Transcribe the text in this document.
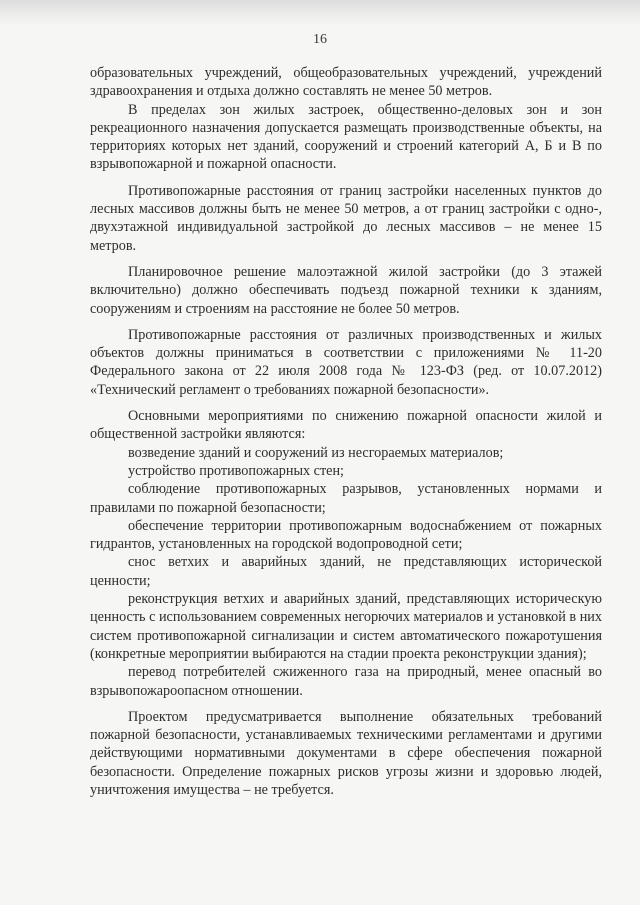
16

образовательных учреждений, общеобразовательных учреждений, учреждений здравоохранения и отдыха должно составлять не менее 50 метров.

В пределах зон жилых застроек, общественно-деловых зон и зон рекреационного назначения допускается размещать производственные объекты, на территориях которых нет зданий, сооружений и строений категорий А, Б и В по взрывопожарной и пожарной опасности.

Противопожарные расстояния от границ застройки населенных пунктов до лесных массивов должны быть не менее 50 метров, а от границ застройки с одно-, двухэтажной индивидуальной застройкой до лесных массивов – не менее 15 метров.

Планировочное решение малоэтажной жилой застройки (до 3 этажей включительно) должно обеспечивать подъезд пожарной техники к зданиям, сооружениям и строениям на расстояние не более 50 метров.

Противопожарные расстояния от различных производственных и жилых объектов должны приниматься в соответствии с приложениями № 11-20 Федерального закона от 22 июля 2008 года № 123-ФЗ (ред. от 10.07.2012) «Технический регламент о требованиях пожарной безопасности».

Основными мероприятиями по снижению пожарной опасности жилой и общественной застройки являются:

возведение зданий и сооружений из несгораемых материалов;

устройство противопожарных стен;

соблюдение противопожарных разрывов, установленных нормами и правилами по пожарной безопасности;

обеспечение территории противопожарным водоснабжением от пожарных гидрантов, установленных на городской водопроводной сети;

снос ветхих и аварийных зданий, не представляющих исторической ценности;

реконструкция ветхих и аварийных зданий, представляющих историческую ценность с использованием современных негорючих материалов и установкой в них систем противопожарной сигнализации и систем автоматического пожаротушения (конкретные мероприятии выбираются на стадии проекта реконструкции здания);

перевод потребителей сжиженного газа на природный, менее опасный во взрывопожароопасном отношении.

Проектом предусматривается выполнение обязательных требований пожарной безопасности, устанавливаемых техническими регламентами и другими действующими нормативными документами в сфере обеспечения пожарной безопасности. Определение пожарных рисков угрозы жизни и здоровью людей, уничтожения имущества – не требуется.
